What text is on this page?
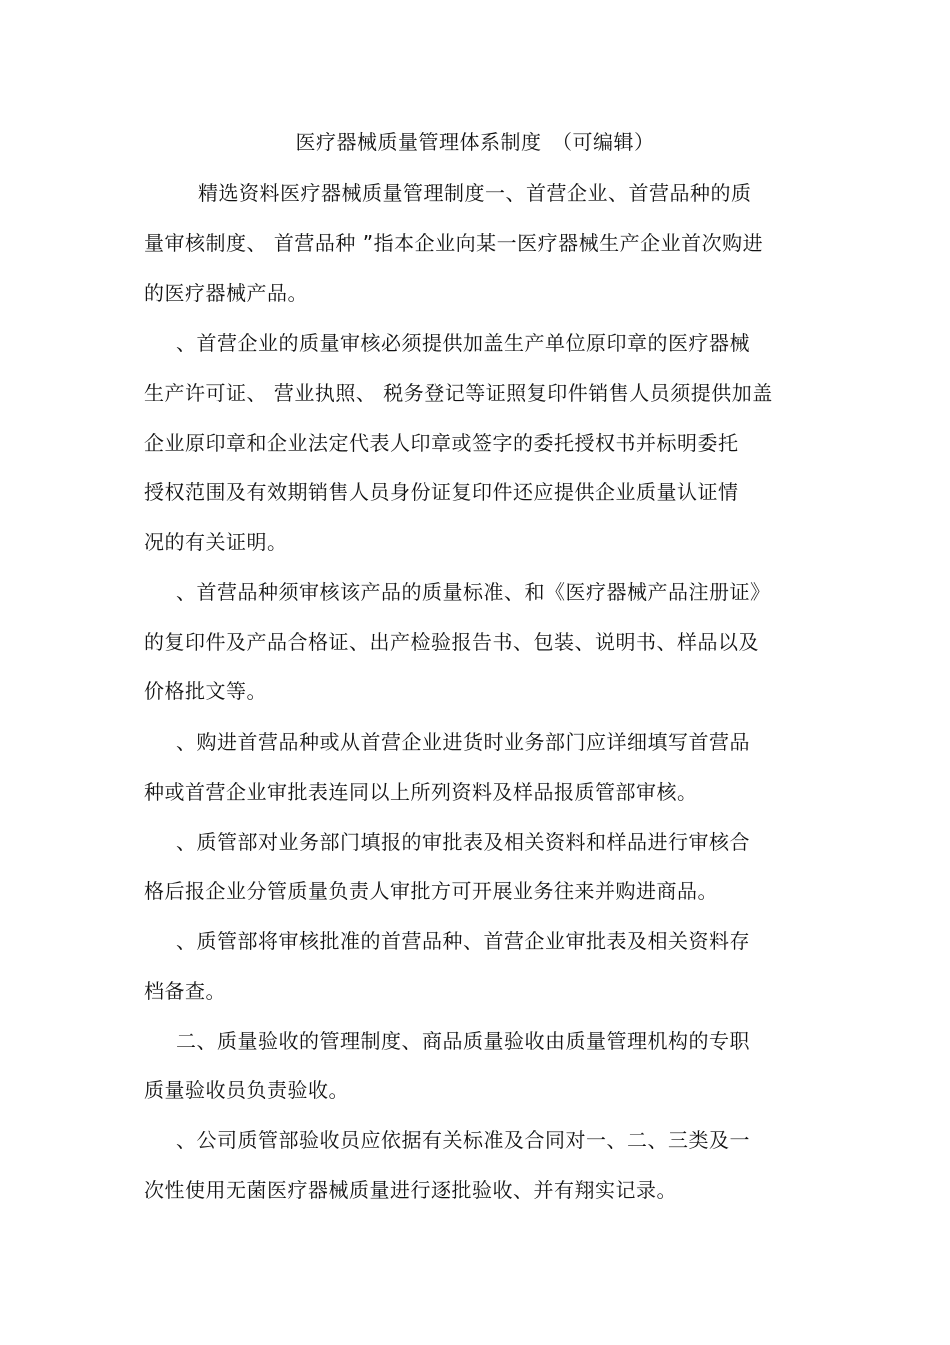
医疗器械质量管理体系制度　（可编辑）
精选资料医疗器械质量管理制度一、首营企业、首营品种的质
量审核制度、 首营品种 ”指本企业向某一医疗器械生产企业首次购进
的医疗器械产品。
、首营企业的质量审核必须提供加盖生产单位原印章的医疗器械
生产许可证、 营业执照、 税务登记等证照复印件销售人员须提供加盖
企业原印章和企业法定代表人印章或签字的委托授权书并标明委托
授权范围及有效期销售人员身份证复印件还应提供企业质量认证情
况的有关证明。
、首营品种须审核该产品的质量标准、和《医疗器械产品注册证》
的复印件及产品合格证、出产检验报告书、包装、说明书、样品以及
价格批文等。
、购进首营品种或从首营企业进货时业务部门应详细填写首营品
种或首营企业审批表连同以上所列资料及样品报质管部审核。
、质管部对业务部门填报的审批表及相关资料和样品进行审核合
格后报企业分管质量负责人审批方可开展业务往来并购进商品。
、质管部将审核批准的首营品种、首营企业审批表及相关资料存
档备查。
二、质量验收的管理制度、商品质量验收由质量管理机构的专职
质量验收员负责验收。
、公司质管部验收员应依据有关标准及合同对一、二、三类及一
次性使用无菌医疗器械质量进行逐批验收、并有翔实记录。
